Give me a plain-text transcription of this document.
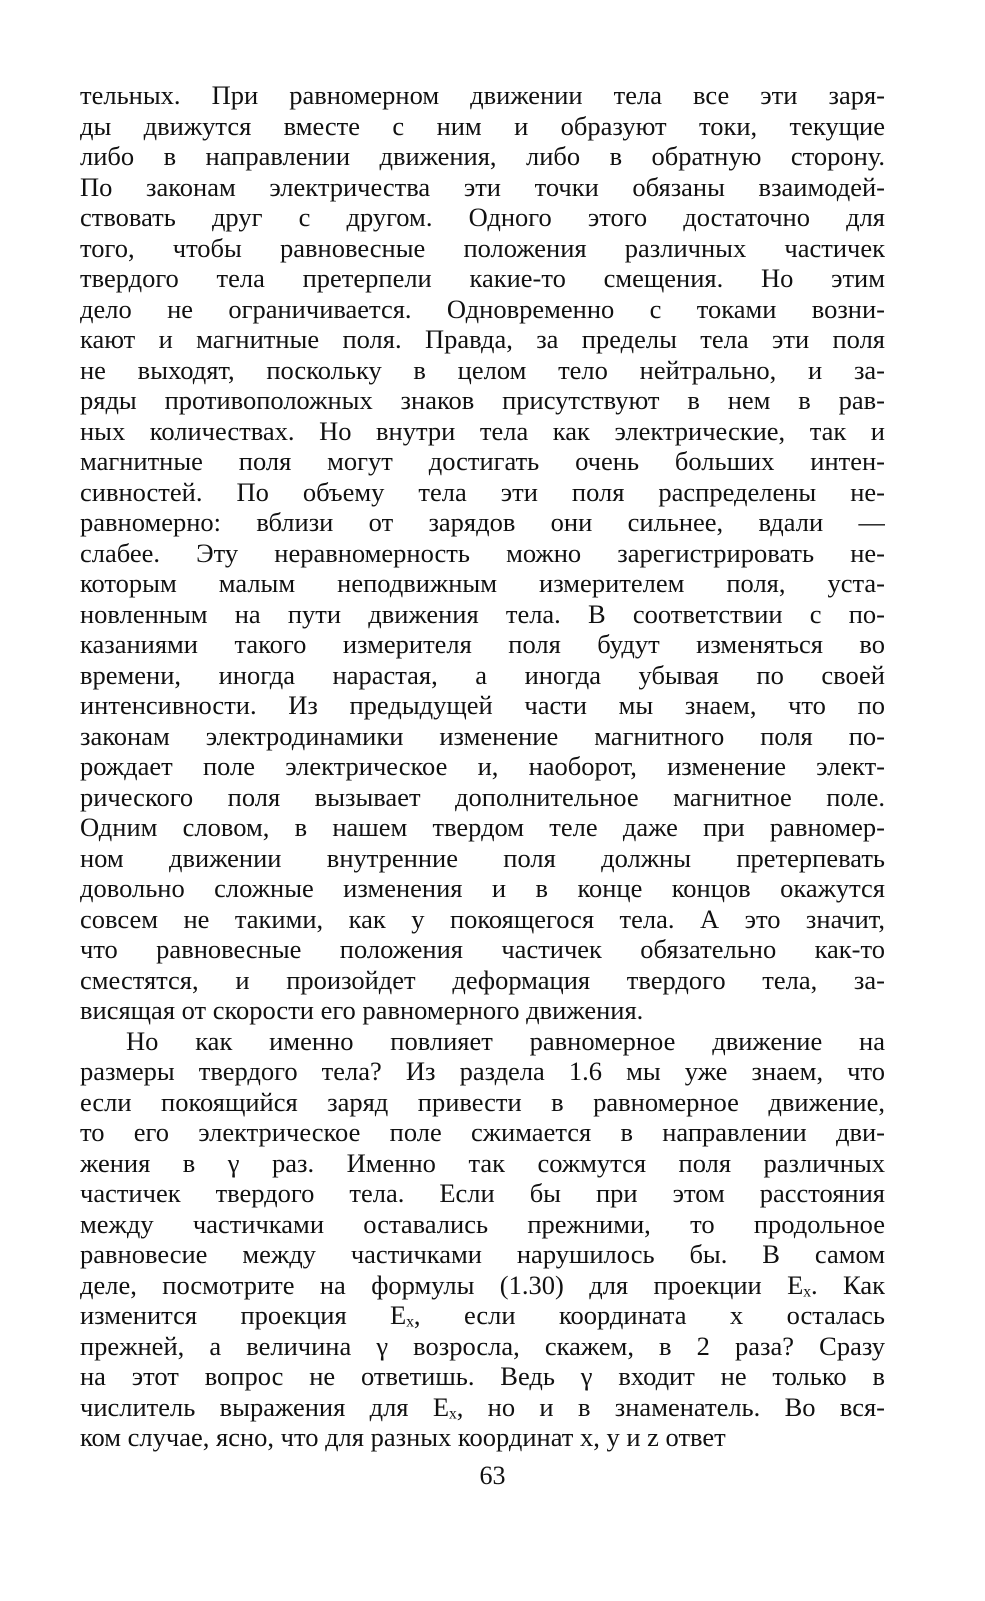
тельных. При равномерном движении тела все эти заря-
ды движутся вместе с ним и образуют токи, текущие
либо в направлении движения, либо в обратную сторону.
По законам электричества эти точки обязаны взаимодей-
ствовать друг с другом. Одного этого достаточно для
того, чтобы равновесные положения различных частичек
твердого тела претерпели какие-то смещения. Но этим
дело не ограничивается. Одновременно с токами возни-
кают и магнитные поля. Правда, за пределы тела эти поля
не выходят, поскольку в целом тело нейтрально, и за-
ряды противоположных знаков присутствуют в нем в рав-
ных количествах. Но внутри тела как электрические, так и
магнитные поля могут достигать очень больших интен-
сивностей. По объему тела эти поля распределены не-
равномерно: вблизи от зарядов они сильнее, вдали —
слабее. Эту неравномерность можно зарегистрировать не-
которым малым неподвижным измерителем поля, уста-
новленным на пути движения тела. В соответствии с по-
казаниями такого измерителя поля будут изменяться во
времени, иногда нарастая, а иногда убывая по своей
интенсивности. Из предыдущей части мы знаем, что по
законам электродинамики изменение магнитного поля по-
рождает поле электрическое и, наоборот, изменение элект-
рического поля вызывает дополнительное магнитное поле.
Одним словом, в нашем твердом теле даже при равномер-
ном движении внутренние поля должны претерпевать
довольно сложные изменения и в конце концов окажутся
совсем не такими, как у покоящегося тела. А это значит,
что равновесные положения частичек обязательно как-то
сместятся, и произойдет деформация твердого тела, за-
висящая от скорости его равномерного движения.
Но как именно повлияет равномерное движение на
размеры твердого тела? Из раздела 1.6 мы уже знаем, что
если покоящийся заряд привести в равномерное движение,
то его электрическое поле сжимается в направлении дви-
жения в γ раз. Именно так сожмутся поля различных
частичек твердого тела. Если бы при этом расстояния
между частичками оставались прежними, то продольное
равновесие между частичками нарушилось бы. В самом
деле, посмотрите на формулы (1.30) для проекции Eₓ. Как
изменится проекция Eₓ, если координата x осталась
прежней, а величина γ возросла, скажем, в 2 раза? Сразу
на этот вопрос не ответишь. Ведь γ входит не только в
числитель выражения для Eₓ, но и в знаменатель. Во вся-
ком случае, ясно, что для разных координат x, y и z ответ
63
